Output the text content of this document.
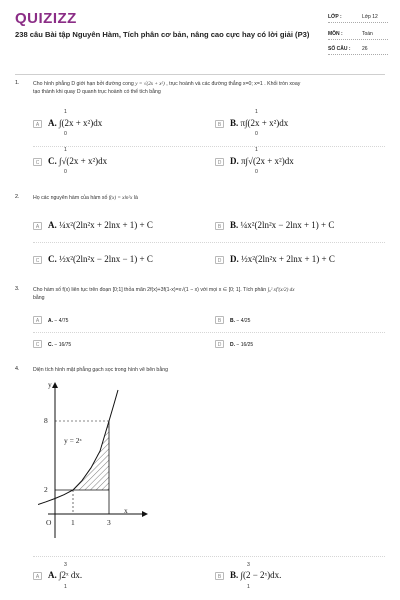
QUIZIZZ
238 câu Bài tập Nguyên Hàm, Tích phân cơ bản, nâng cao cực hay có lời giải (P3)
LỚP :	Lớp 12
MÔN :	Toán
SỐ CÂU : 26
1.	Cho hình phẳng D giới hạn bởi đường cong y = √(2x + x²) , trục hoành và các đường thẳng x=0; x=1 . Khối tròn xoay
tạo thành khi quay D quanh trục hoành có thể tích bằng
A A. ∫(2x + x²)dx
1
0
B B. π∫(2x + x²)dx
1
0
C C. ∫√(2x + x²)dx
1
0
D D. π∫√(2x + x²)dx
1
0
2.	Họ các nguyên hàm của hàm số f(x) = xln²x là
A A. ¼x²(2ln²x + 2lnx + 1) + C	B B. ¼x²(2ln²x − 2lnx + 1) + C
C C. ½x²(2ln²x − 2lnx − 1) + C	D D. ½x²(2ln²x + 2lnx + 1) + C
3.	Cho hàm số f(x) liên tục trên đoạn [0;1] thỏa mãn 2f(x)+3f(1-x)=x√(1 − x) với mọi x ∈ [0; 1]. Tích phân ∫₀² xf′(x/2) dx
bằng
A	A. − 4/75	B	B. − 4/25
C	C. − 16/75	D	D. − 16/25
4.	Diện tích hình mặt phẳng gạch sọc trong hình vẽ bên bằng
y
x
y = 2ˣ
8
2
O	1	3
A A. ∫2ˣ dx.
3
1
B B. ∫(2 − 2ˣ)dx.
3
1
